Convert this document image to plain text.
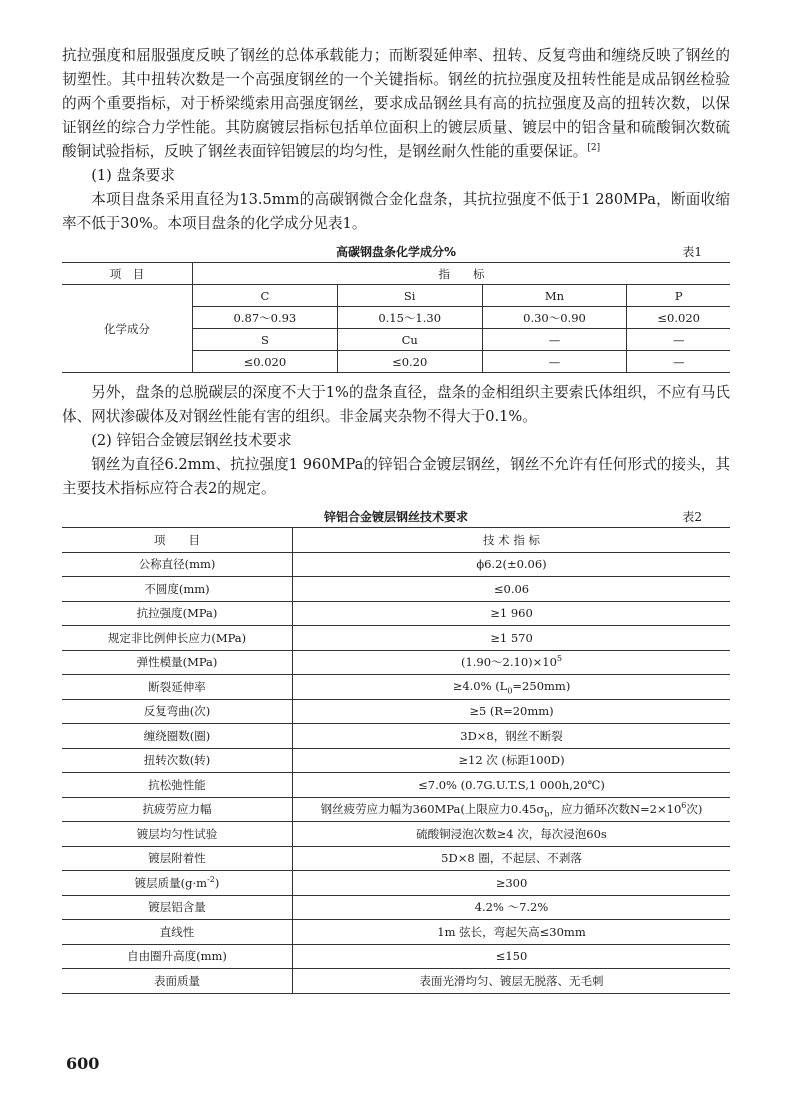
抗拉强度和屈服强度反映了钢丝的总体承载能力；而断裂延伸率、扭转、反复弯曲和缠绕反映了钢丝的韧塑性。其中扭转次数是一个高强度钢丝的一个关键指标。钢丝的抗拉强度及扭转性能是成品钢丝检验的两个重要指标，对于桥梁缆索用高强度钢丝，要求成品钢丝具有高的抗拉强度及高的扭转次数，以保证钢丝的综合力学性能。其防腐镀层指标包括单位面积上的镀层质量、镀层中的铝含量和硫酸铜次数硫酸铜试验指标，反映了钢丝表面锌铝镀层的均匀性，是钢丝耐久性能的重要保证。[2]

(1) 盘条要求

本项目盘条采用直径为13.5mm的高碳钢微合金化盘条，其抗拉强度不低于1 280MPa，断面收缩率不低于30%。本项目盘条的化学成分见表1。

高碳钢盘条化学成分%	表1
项　目	指　　标			
化学成分	C	Si	Mn	P
	0.87～0.93	0.15～1.30	0.30～0.90	≤0.020
	S	Cu	—	—
	≤0.020	≤0.20	—	—

另外，盘条的总脱碳层的深度不大于1%的盘条直径，盘条的金相组织主要索氏体组织，不应有马氏体、网状渗碳体及对钢丝性能有害的组织。非金属夹杂物不得大于0.1%。

(2) 锌铝合金镀层钢丝技术要求

钢丝为直径6.2mm、抗拉强度1 960MPa的锌铝合金镀层钢丝，钢丝不允许有任何形式的接头，其主要技术指标应符合表2的规定。

锌铝合金镀层钢丝技术要求	表2
项　　目	技 术 指 标
公称直径(mm)	ϕ6.2(±0.06)
不圆度(mm)	≤0.06
抗拉强度(MPa)	≥1 960
规定非比例伸长应力(MPa)	≥1 570
弹性模量(MPa)	$(1.90\sim 2.10)\times 10^5$
断裂延伸率	≥4.0% $(L_0=250mm)$
反复弯曲(次)	≥5 (R=20mm)
缠绕圈数(圈)	3D×8，钢丝不断裂
扭转次数(转)	≥12 次 (标距100D)
抗松弛性能	≤7.0% (0.7G.U.T.S,1 000h,20℃)
抗疲劳应力幅	钢丝疲劳应力幅为360MPa(上限应力$0.45\sigma_b$，应力循环次数$N=2\times 10^6$次)
镀层均匀性试验	硫酸铜浸泡次数≥4 次，每次浸泡60s
镀层附着性	5D×8 圈，不起层、不剥落
镀层质量$(g\cdot m^{-2})$	≥300
镀层铝含量	4.2% ～7.2%
直线性	1m 弦长，弯起矢高≤30mm
自由圈升高度(mm)	≤150
表面质量	表面光滑均匀、镀层无脱落、无毛刺
600
